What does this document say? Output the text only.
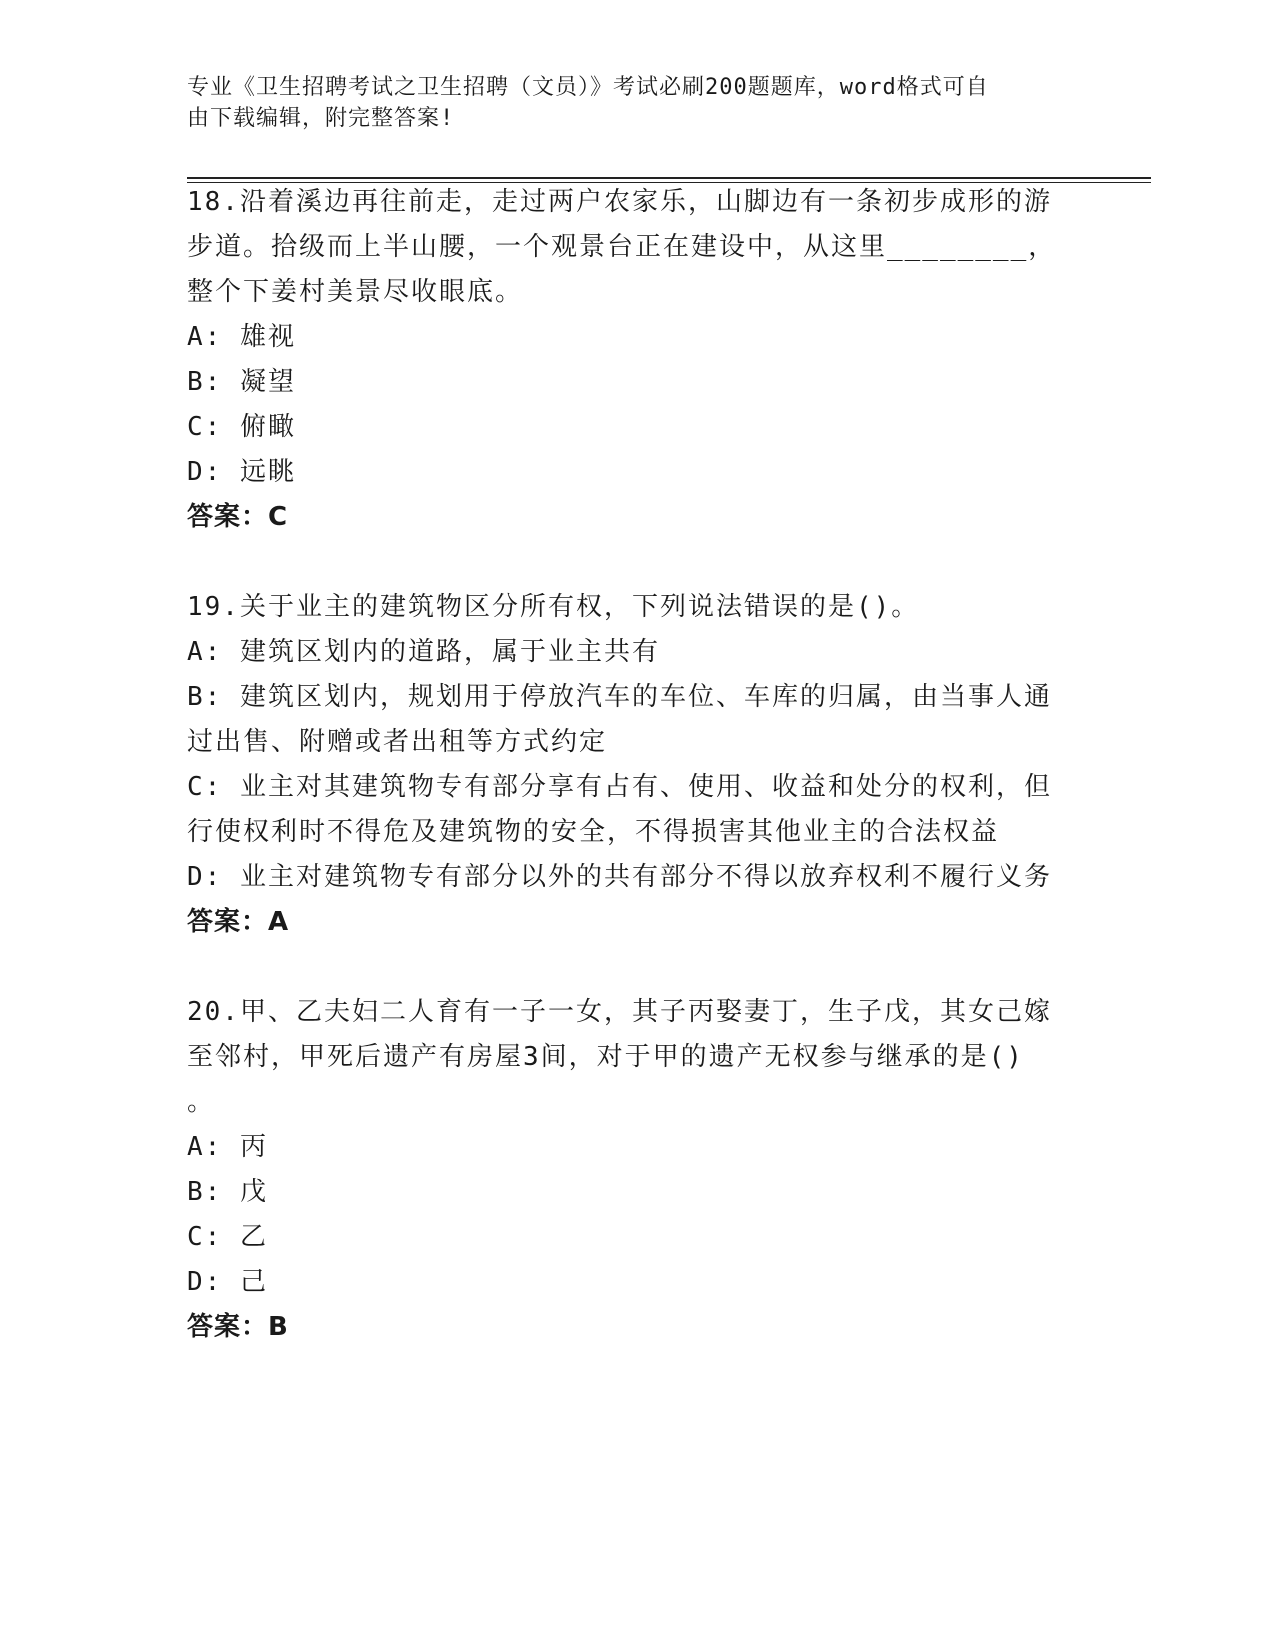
专业《卫生招聘考试之卫生招聘（文员）》考试必刷200题题库，word格式可自
由下载编辑，附完整答案!
18.沿着溪边再往前走，走过两户农家乐，山脚边有一条初步成形的游
步道。拾级而上半山腰，一个观景台正在建设中，从这里________，
整个下姜村美景尽收眼底。
A: 雄视
B: 凝望
C: 俯瞰
D: 远眺
答案：C
19.关于业主的建筑物区分所有权，下列说法错误的是()。
A: 建筑区划内的道路，属于业主共有
B: 建筑区划内，规划用于停放汽车的车位、车库的归属，由当事人通
过出售、附赠或者出租等方式约定
C: 业主对其建筑物专有部分享有占有、使用、收益和处分的权利，但
行使权利时不得危及建筑物的安全，不得损害其他业主的合法权益
D: 业主对建筑物专有部分以外的共有部分不得以放弃权利不履行义务
答案：A
20.甲、乙夫妇二人育有一子一女，其子丙娶妻丁，生子戊，其女己嫁
至邻村，甲死后遗产有房屋3间，对于甲的遗产无权参与继承的是()
。
A: 丙
B: 戊
C: 乙
D: 己
答案：B
